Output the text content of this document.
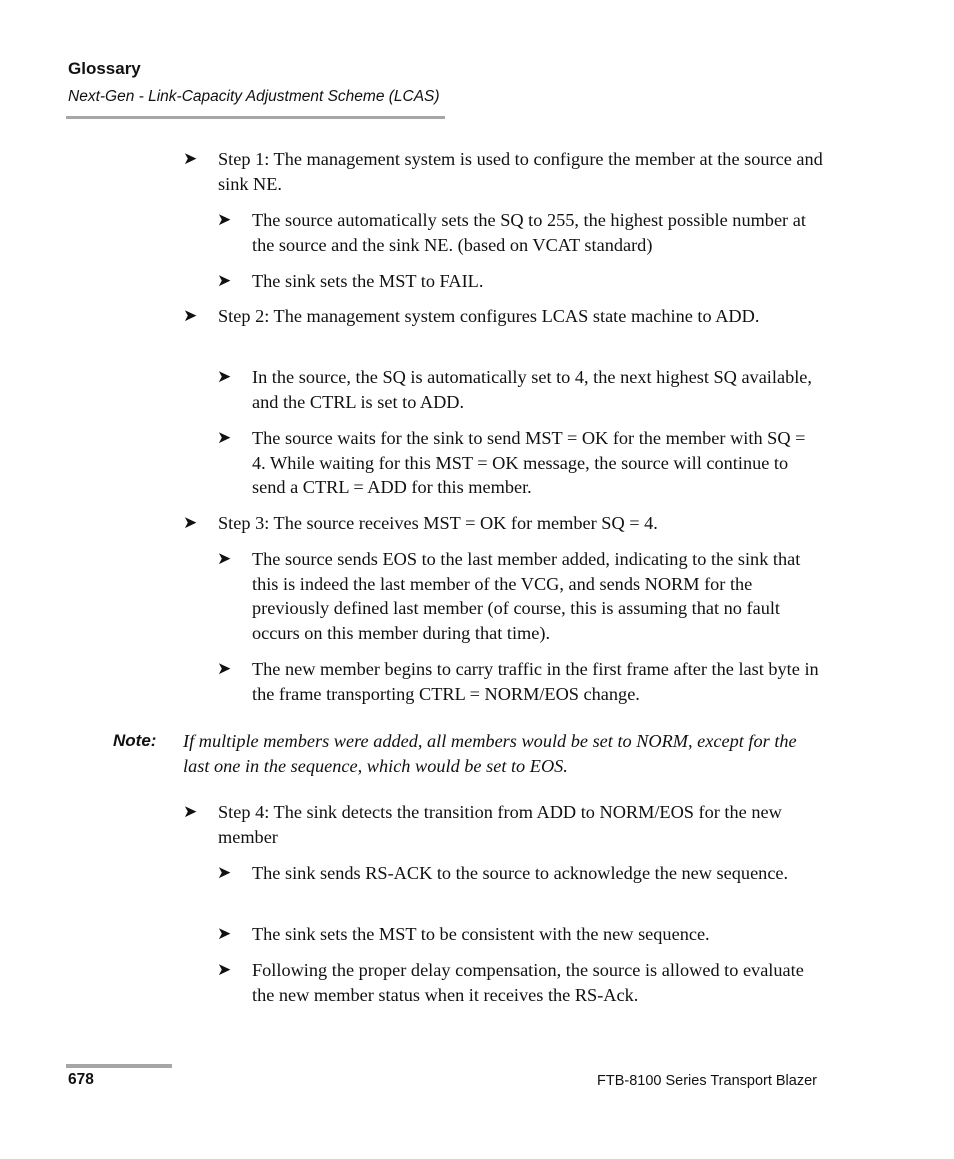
Glossary
Next-Gen - Link-Capacity Adjustment Scheme (LCAS)
➤ Step 1: The management system is used to configure the member at the source and sink NE.
➤ The source automatically sets the SQ to 255, the highest possible number at the source and the sink NE. (based on VCAT standard)
➤ The sink sets the MST to FAIL.
➤ Step 2: The management system configures LCAS state machine to ADD.
➤ In the source, the SQ is automatically set to 4, the next highest SQ available, and the CTRL is set to ADD.
➤ The source waits for the sink to send MST = OK for the member with SQ = 4. While waiting for this MST = OK message, the source will continue to send a CTRL = ADD for this member.
➤ Step 3: The source receives MST = OK for member SQ = 4.
➤ The source sends EOS to the last member added, indicating to the sink that this is indeed the last member of the VCG, and sends NORM for the previously defined last member (of course, this is assuming that no fault occurs on this member during that time).
➤ The new member begins to carry traffic in the first frame after the last byte in the frame transporting CTRL = NORM/EOS change.
Note: If multiple members were added, all members would be set to NORM, except for the last one in the sequence, which would be set to EOS.
➤ Step 4: The sink detects the transition from ADD to NORM/EOS for the new member
➤ The sink sends RS-ACK to the source to acknowledge the new sequence.
➤ The sink sets the MST to be consistent with the new sequence.
➤ Following the proper delay compensation, the source is allowed to evaluate the new member status when it receives the RS-Ack.
678	FTB-8100 Series Transport Blazer
